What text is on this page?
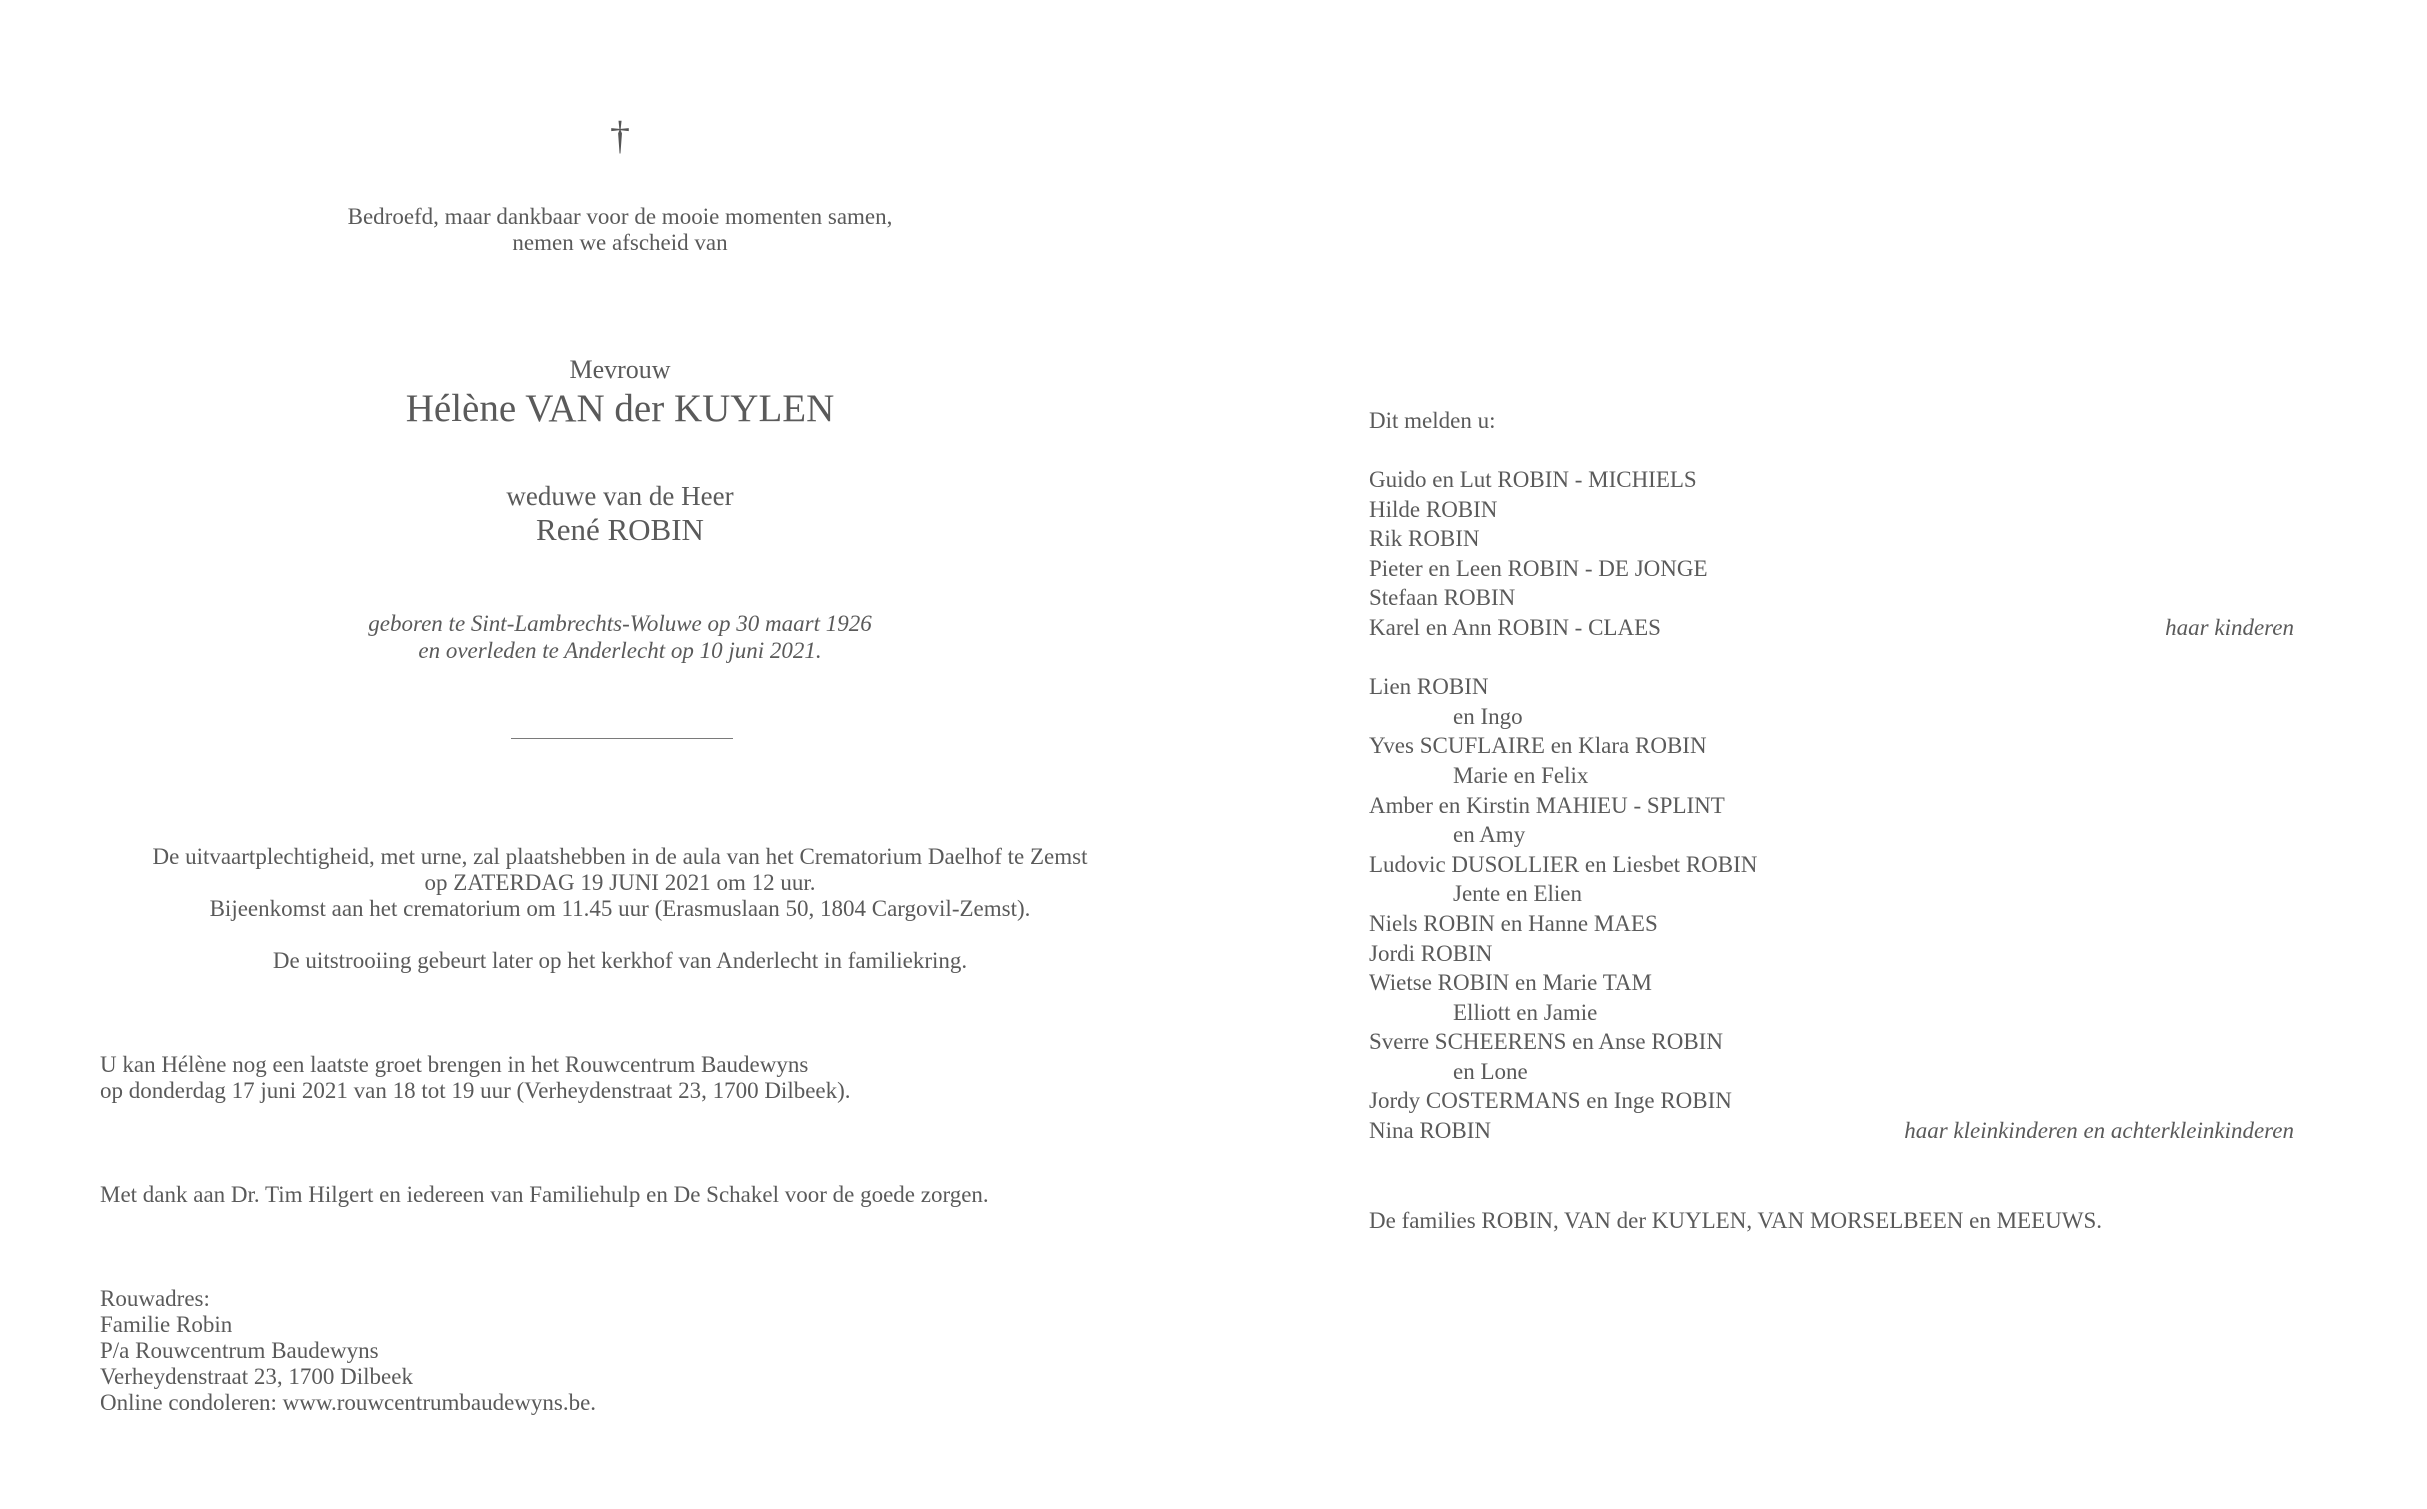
†
Bedroefd, maar dankbaar voor de mooie momenten samen,
nemen we afscheid van
Mevrouw
Hélène VAN der KUYLEN
weduwe van de Heer
René ROBIN
geboren te Sint-Lambrechts-Woluwe op 30 maart 1926
en overleden te Anderlecht op 10 juni 2021.
De uitvaartplechtigheid, met urne, zal plaatshebben in de aula van het Crematorium Daelhof te Zemst
op ZATERDAG 19 JUNI 2021 om 12 uur.
Bijeenkomst aan het crematorium om 11.45 uur (Erasmuslaan 50, 1804 Cargovil-Zemst).
De uitstrooiing gebeurt later op het kerkhof van Anderlecht in familiekring.
U kan Hélène nog een laatste groet brengen in het Rouwcentrum Baudewyns
op donderdag 17 juni 2021 van 18 tot 19 uur (Verheydenstraat 23, 1700 Dilbeek).
Met dank aan Dr. Tim Hilgert en iedereen van Familiehulp en De Schakel voor de goede zorgen.
Rouwadres:
Familie Robin
P/a Rouwcentrum Baudewyns
Verheydenstraat 23, 1700 Dilbeek
Online condoleren: www.rouwcentrumbaudewyns.be.
Dit melden u:
Guido en Lut ROBIN - MICHIELS
Hilde ROBIN
Rik ROBIN
Pieter en Leen ROBIN - DE JONGE
Stefaan ROBIN
Karel en Ann ROBIN - CLAES	haar kinderen
Lien ROBIN
en Ingo
Yves SCUFLAIRE en Klara ROBIN
Marie en Felix
Amber en Kirstin MAHIEU - SPLINT
en Amy
Ludovic DUSOLLIER en Liesbet ROBIN
Jente en Elien
Niels ROBIN en Hanne MAES
Jordi ROBIN
Wietse ROBIN en Marie TAM
Elliott en Jamie
Sverre SCHEERENS en Anse ROBIN
en Lone
Jordy COSTERMANS en Inge ROBIN
Nina ROBIN	haar kleinkinderen en achterkleinkinderen
De families ROBIN, VAN der KUYLEN, VAN MORSELBEEN en MEEUWS.
